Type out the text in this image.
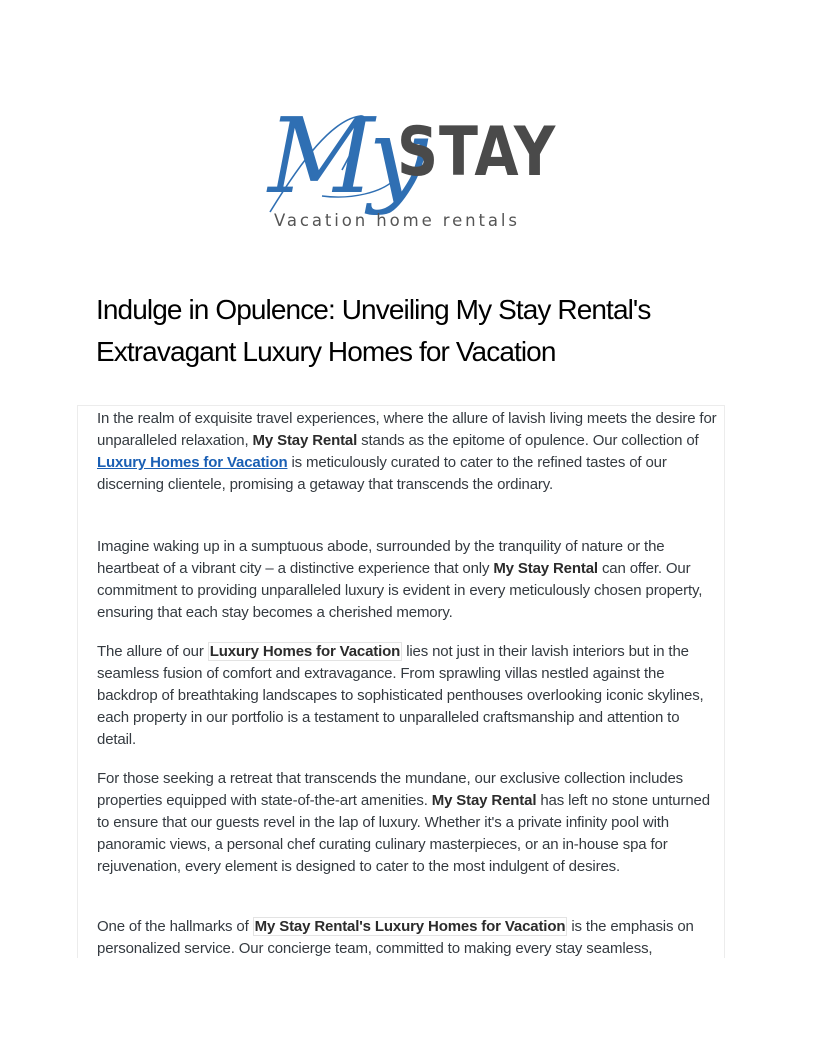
My
STAY
Vacation home rentals
Indulge in Opulence: Unveiling My Stay Rental's
Extravagant Luxury Homes for Vacation

In the realm of exquisite travel experiences, where the allure of lavish living meets the desire for unparalleled relaxation, My Stay Rental stands as the epitome of opulence. Our collection of Luxury Homes for Vacation is meticulously curated to cater to the refined tastes of our discerning clientele, promising a getaway that transcends the ordinary.

Imagine waking up in a sumptuous abode, surrounded by the tranquility of nature or the heartbeat of a vibrant city – a distinctive experience that only My Stay Rental can offer. Our commitment to providing unparalleled luxury is evident in every meticulously chosen property, ensuring that each stay becomes a cherished memory.

The allure of our Luxury Homes for Vacation lies not just in their lavish interiors but in the seamless fusion of comfort and extravagance. From sprawling villas nestled against the backdrop of breathtaking landscapes to sophisticated penthouses overlooking iconic skylines, each property in our portfolio is a testament to unparalleled craftsmanship and attention to detail.

For those seeking a retreat that transcends the mundane, our exclusive collection includes properties equipped with state-of-the-art amenities. My Stay Rental has left no stone unturned to ensure that our guests revel in the lap of luxury. Whether it's a private infinity pool with panoramic views, a personal chef curating culinary masterpieces, or an in-house spa for rejuvenation, every element is designed to cater to the most indulgent of desires.

One of the hallmarks of My Stay Rental's Luxury Homes for Vacation is the emphasis on personalized service. Our concierge team, committed to making every stay seamless,
